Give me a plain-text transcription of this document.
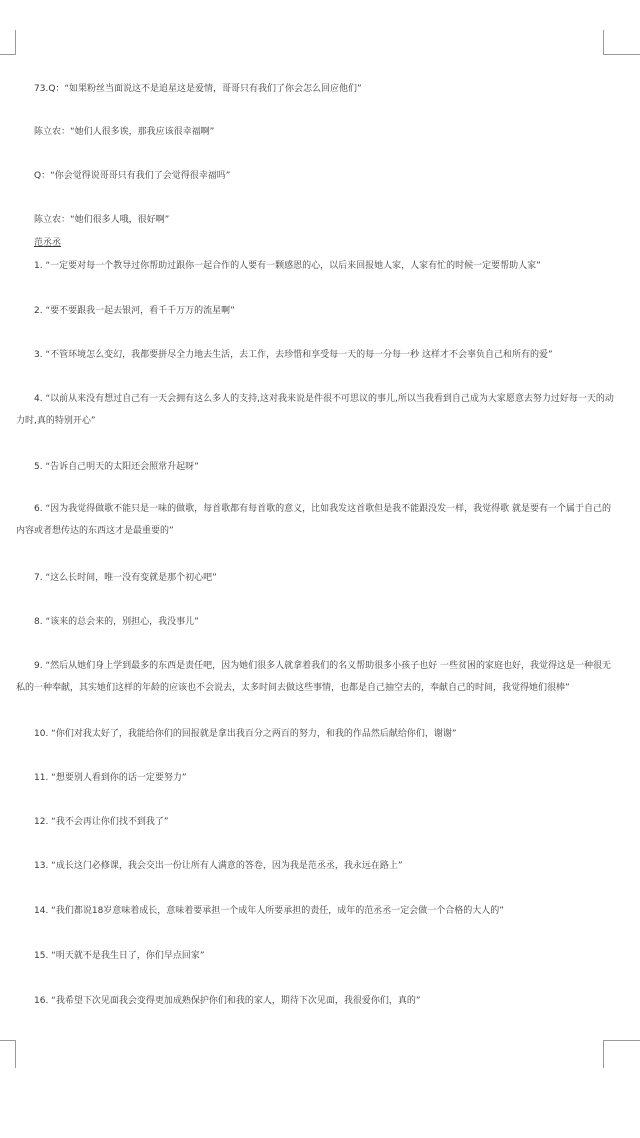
73.Q：“如果粉丝当面说这不是追星这是爱情，哥哥只有我们了你会怎么回应他们”
陈立农：“她们人很多诶，那我应该很幸福啊”
Q：“你会觉得说哥哥只有我们了会觉得很幸福吗”
陈立农：“她们很多人哦，很好啊”
范丞丞
1. “一定要对每一个教导过你帮助过跟你一起合作的人要有一颗感恩的心，以后来回报她人家，人家有忙的时候一定要帮助人家”
2. “要不要跟我一起去银河，看千千万万的流星啊”
3. “不管环境怎么变幻，我都要拼尽全力地去生活，去工作，去珍惜和享受每一天的每一分每一秒 这样才不会辜负自己和所有的爱”
4. “以前从来没有想过自己有一天会拥有这么多人的支持,这对我来说是件很不可思议的事儿,所以当我看到自己成为大家愿意去努力过好每一天的动力时,真的特别开心”
5. “告诉自己明天的太阳还会照常升起呀”
6. “因为我觉得做歌不能只是一味的做歌，每首歌都有每首歌的意义，比如我发这首歌但是我不能跟没发一样，我觉得歌 就是要有一个属于自己的内容或者想传达的东西这才是最重要的”
7. “这么长时间，唯一没有变就是那个初心吧”
8. “该来的总会来的，别担心，我没事儿”
9. “然后从她们身上学到最多的东西是责任吧，因为她们很多人就拿着我们的名义帮助很多小孩子也好 一些贫困的家庭也好，我觉得这是一种很无私的一种奉献，其实她们这样的年龄的应该也不会说去，太多时间去做这些事情，也都是自己抽空去的，奉献自己的时间，我觉得她们很棒”
10. “你们对我太好了，我能给你们的回报就是拿出我百分之两百的努力，和我的作品然后献给你们，谢谢”
11. “想要别人看到你的话一定要努力”
12. “我不会再让你们找不到我了”
13. “成长这门必修课，我会交出一份让所有人满意的答卷，因为我是范丞丞，我永远在路上”
14. “我们都说18岁意味着成长，意味着要承担一个成年人所要承担的责任，成年的范丞丞一定会做一个合格的大人的”
15. “明天就不是我生日了，你们早点回家”
16. “我希望下次见面我会变得更加成熟保护你们和我的家人，期待下次见面，我很爱你们，真的”
